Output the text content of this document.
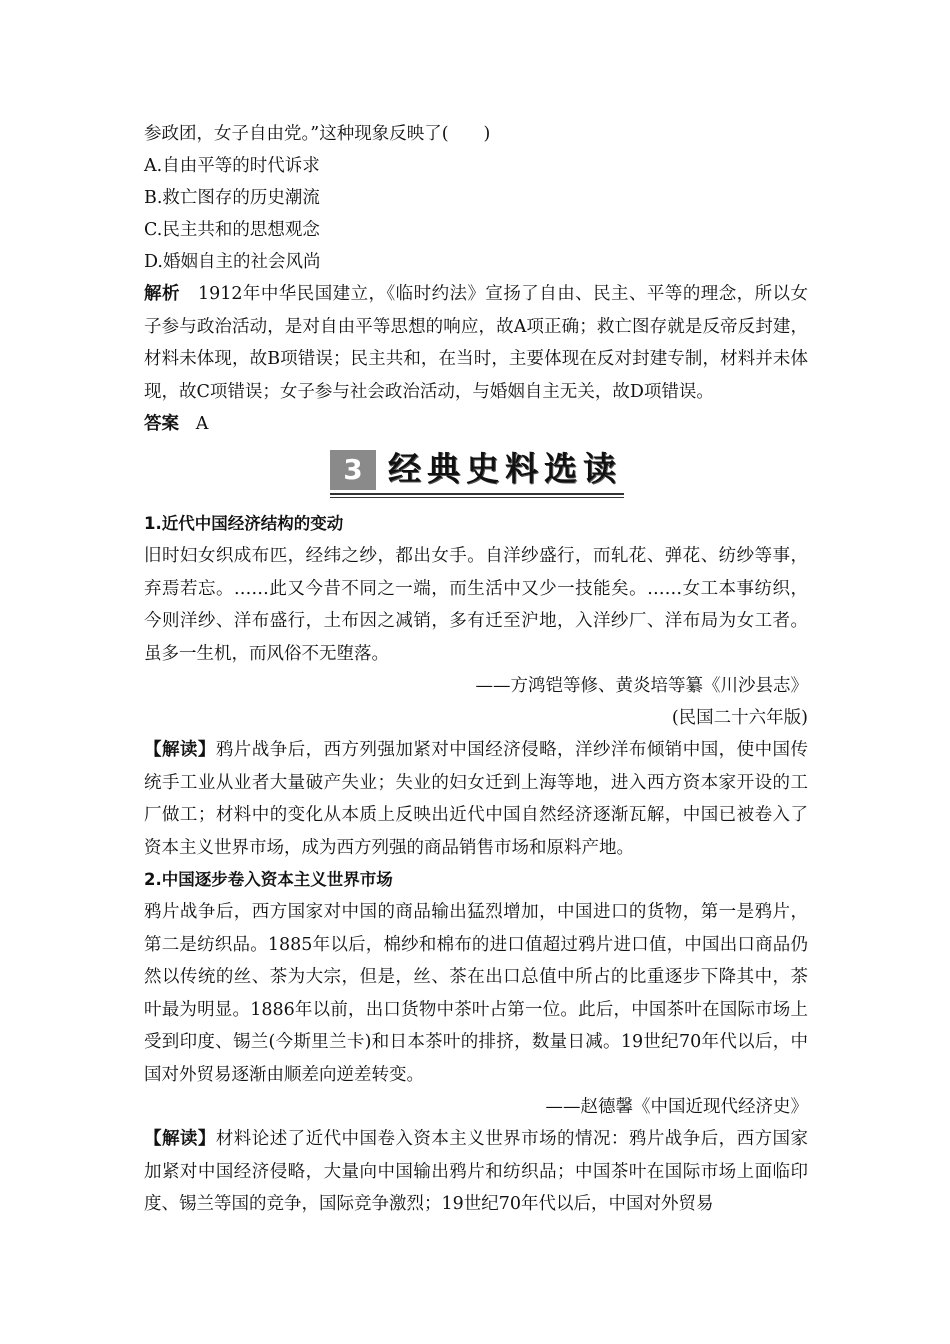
参政团，女子自由党。”这种现象反映了(　　)
A.自由平等的时代诉求
B.救亡图存的历史潮流
C.民主共和的思想观念
D.婚姻自主的社会风尚
解析 1912年中华民国建立，《临时约法》宣扬了自由、民主、平等的理念，所以女子参与政治活动，是对自由平等思想的响应，故A项正确；救亡图存就是反帝反封建，材料未体现，故B项错误；民主共和，在当时，主要体现在反对封建专制，材料并未体现，故C项错误；女子参与社会政治活动，与婚姻自主无关，故D项错误。
答案 A
3 经典史料选读
1.近代中国经济结构的变动
旧时妇女织成布匹，经纬之纱，都出女手。自洋纱盛行，而轧花、弹花、纺纱等事，弃焉若忘。……此又今昔不同之一端，而生活中又少一技能矣。……女工本事纺织，今则洋纱、洋布盛行，土布因之减销，多有迁至沪地，入洋纱厂、洋布局为女工者。虽多一生机，而风俗不无堕落。
——方鸿铠等修、黄炎培等纂《川沙县志》
(民国二十六年版)
【解读】鸦片战争后，西方列强加紧对中国经济侵略，洋纱洋布倾销中国，使中国传统手工业从业者大量破产失业；失业的妇女迁到上海等地，进入西方资本家开设的工厂做工；材料中的变化从本质上反映出近代中国自然经济逐渐瓦解，中国已被卷入了资本主义世界市场，成为西方列强的商品销售市场和原料产地。
2.中国逐步卷入资本主义世界市场
鸦片战争后，西方国家对中国的商品输出猛烈增加，中国进口的货物，第一是鸦片，第二是纺织品。1885年以后，棉纱和棉布的进口值超过鸦片进口值，中国出口商品仍然以传统的丝、茶为大宗，但是，丝、茶在出口总值中所占的比重逐步下降其中，茶叶最为明显。1886年以前，出口货物中茶叶占第一位。此后，中国茶叶在国际市场上受到印度、锡兰(今斯里兰卡)和日本茶叶的排挤，数量日减。19世纪70年代以后，中国对外贸易逐渐由顺差向逆差转变。
——赵德馨《中国近现代经济史》
【解读】材料论述了近代中国卷入资本主义世界市场的情况：鸦片战争后，西方国家加紧对中国经济侵略，大量向中国输出鸦片和纺织品；中国茶叶在国际市场上面临印度、锡兰等国的竞争，国际竞争激烈；19世纪70年代以后，中国对外贸易
